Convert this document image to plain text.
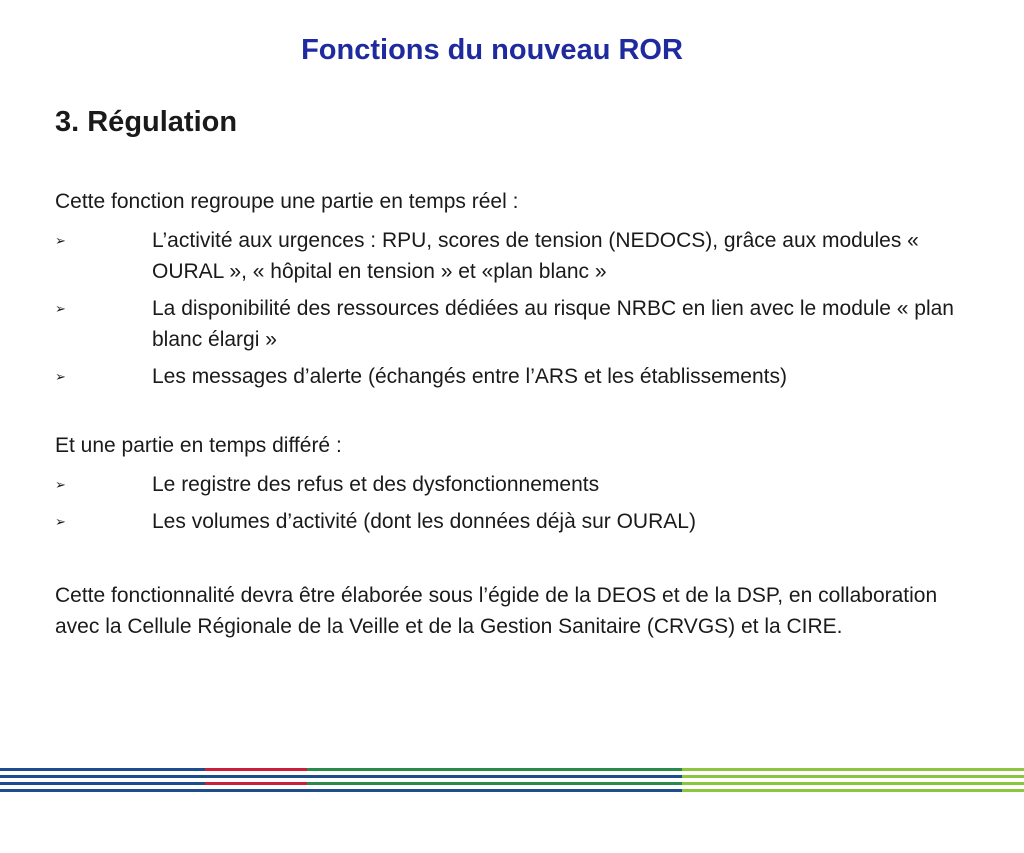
Fonctions du nouveau ROR
3. Régulation

Cette fonction regroupe une partie en temps réel :

➢	L’activité aux urgences : RPU, scores de tension (NEDOCS), grâce aux modules « OURAL », « hôpital en tension » et «plan blanc »
➢	La disponibilité des ressources dédiées au risque NRBC en lien avec le module « plan blanc élargi »
➢	Les messages d’alerte (échangés entre l’ARS et les établissements)

Et une partie en temps différé :

➢	Le registre des refus et des dysfonctionnements
➢	Les volumes d’activité (dont les données déjà sur OURAL)

Cette fonctionnalité devra être élaborée sous l’égide de la DEOS et de la DSP, en collaboration avec la Cellule Régionale de la Veille et de la Gestion Sanitaire (CRVGS) et la CIRE.
